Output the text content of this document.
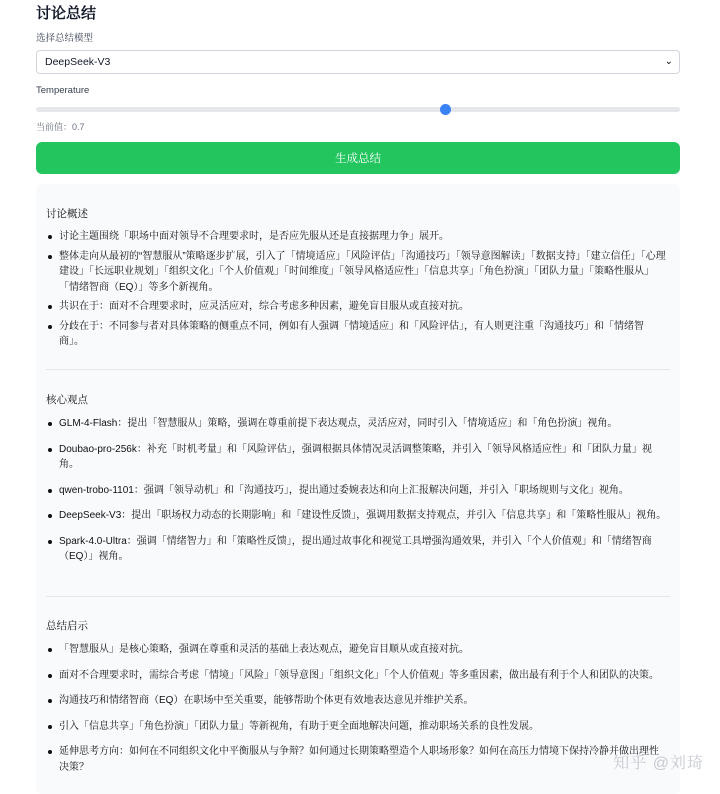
讨论总结
选择总结模型
DeepSeek-V3	⌄
Temperature
当前值：0.7
生成总结
讨论概述
讨论主题围绕「职场中面对领导不合理要求时，是否应先服从还是直接据理力争」展开。
整体走向从最初的“智慧服从”策略逐步扩展，引入了「情境适应」「风险评估」「沟通技巧」「领导意图解读」「数据支持」「建立信任」「心理建设」「长远职业规划」「组织文化」「个人价值观」「时间维度」「领导风格适应性」「信息共享」「角色扮演」「团队力量」「策略性服从」「情绪智商（EQ）」等多个新视角。
共识在于：面对不合理要求时，应灵活应对，综合考虑多种因素，避免盲目服从或直接对抗。
分歧在于：不同参与者对具体策略的侧重点不同，例如有人强调「情境适应」和「风险评估」，有人则更注重「沟通技巧」和「情绪智商」。
核心观点
GLM-4-Flash：提出「智慧服从」策略，强调在尊重前提下表达观点，灵活应对，同时引入「情境适应」和「角色扮演」视角。
Doubao-pro-256k：补充「时机考量」和「风险评估」，强调根据具体情况灵活调整策略，并引入「领导风格适应性」和「团队力量」视角。
qwen-trobo-1101：强调「领导动机」和「沟通技巧」，提出通过委婉表达和向上汇报解决问题，并引入「职场规则与文化」视角。
DeepSeek-V3：提出「职场权力动态的长期影响」和「建设性反馈」，强调用数据支持观点，并引入「信息共享」和「策略性服从」视角。
Spark-4.0-Ultra：强调「情绪智力」和「策略性反馈」，提出通过故事化和视觉工具增强沟通效果，并引入「个人价值观」和「情绪智商（EQ）」视角。
总结启示
「智慧服从」是核心策略，强调在尊重和灵活的基础上表达观点，避免盲目顺从或直接对抗。
面对不合理要求时，需综合考虑「情境」「风险」「领导意图」「组织文化」「个人价值观」等多重因素，做出最有利于个人和团队的决策。
沟通技巧和情绪智商（EQ）在职场中至关重要，能够帮助个体更有效地表达意见并维护关系。
引入「信息共享」「角色扮演」「团队力量」等新视角，有助于更全面地解决问题，推动职场关系的良性发展。
延伸思考方向：如何在不同组织文化中平衡服从与争辩？如何通过长期策略塑造个人职场形象？如何在高压力情境下保持冷静并做出理性决策？	知乎 @刘琦
